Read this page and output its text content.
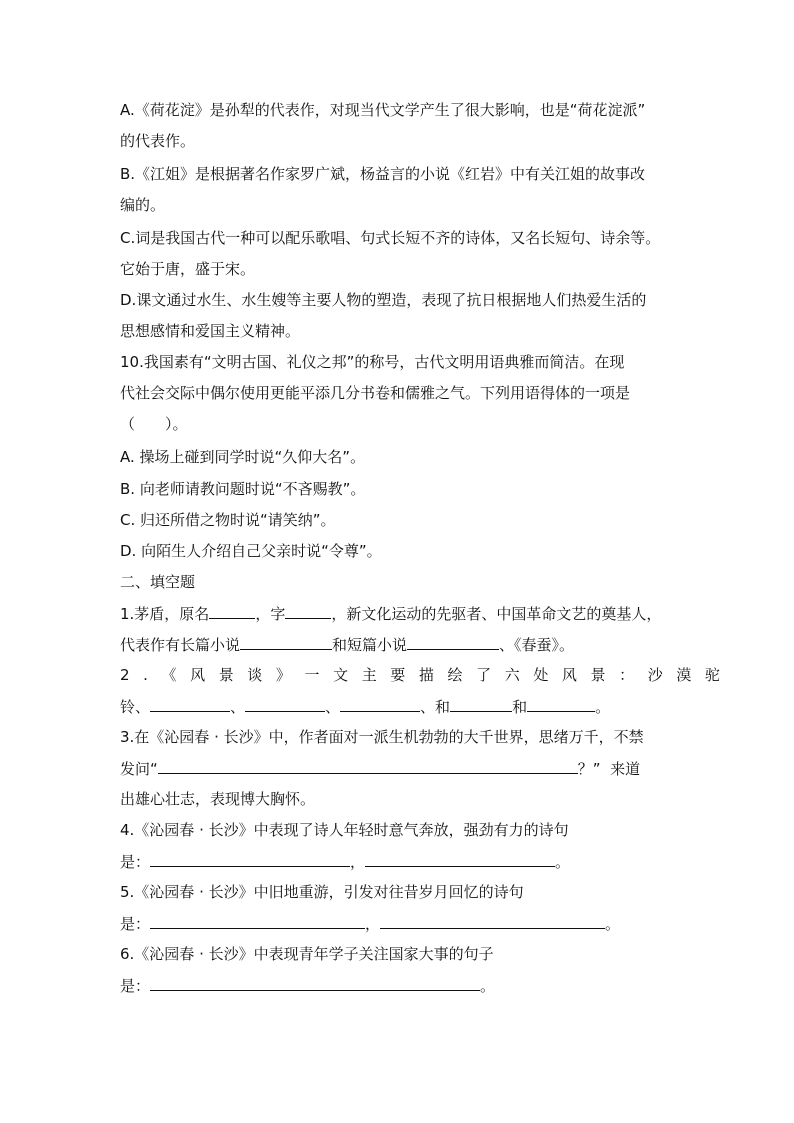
A.《荷花淀》是孙犁的代表作，对现当代文学产生了很大影响，也是“荷花淀派”
的代表作。
B.《江姐》是根据著名作家罗广斌，杨益言的小说《红岩》中有关江姐的故事改
编的。
C.词是我国古代一种可以配乐歌唱、句式长短不齐的诗体，又名长短句、诗余等。
它始于唐，盛于宋。
D.课文通过水生、水生嫂等主要人物的塑造，表现了抗日根据地人们热爱生活的
思想感情和爱国主义精神。
10.我国素有“文明古国、礼仪之邦”的称号，古代文明用语典雅而简洁。在现
代社会交际中偶尔使用更能平添几分书卷和儒雅之气。下列用语得体的一项是
（　　）。
A. 操场上碰到同学时说“久仰大名”。
B. 向老师请教问题时说“不吝赐教”。
C. 归还所借之物时说“请笑纳”。
D. 向陌生人介绍自己父亲时说“令尊”。
二、填空题
1.茅盾，原名	，字	，新文化运动的先驱者、中国革命文艺的奠基人，
代表作有长篇小说	和短篇小说	、《春蚕》。
2.《风景谈》一文主要描绘了六处风景：沙漠驼
铃、	、	、	、和	和	。
3.在《沁园春 · 长沙》中，作者面对一派生机勃勃的大千世界，思绪万千，不禁
发问“	？” 来道
出雄心壮志，表现博大胸怀。
4.《沁园春 · 长沙》中表现了诗人年轻时意气奔放，强劲有力的诗句
是：	，	。
5.《沁园春 · 长沙》中旧地重游，引发对往昔岁月回忆的诗句
是：	，	。
6.《沁园春 · 长沙》中表现青年学子关注国家大事的句子
是：	。
